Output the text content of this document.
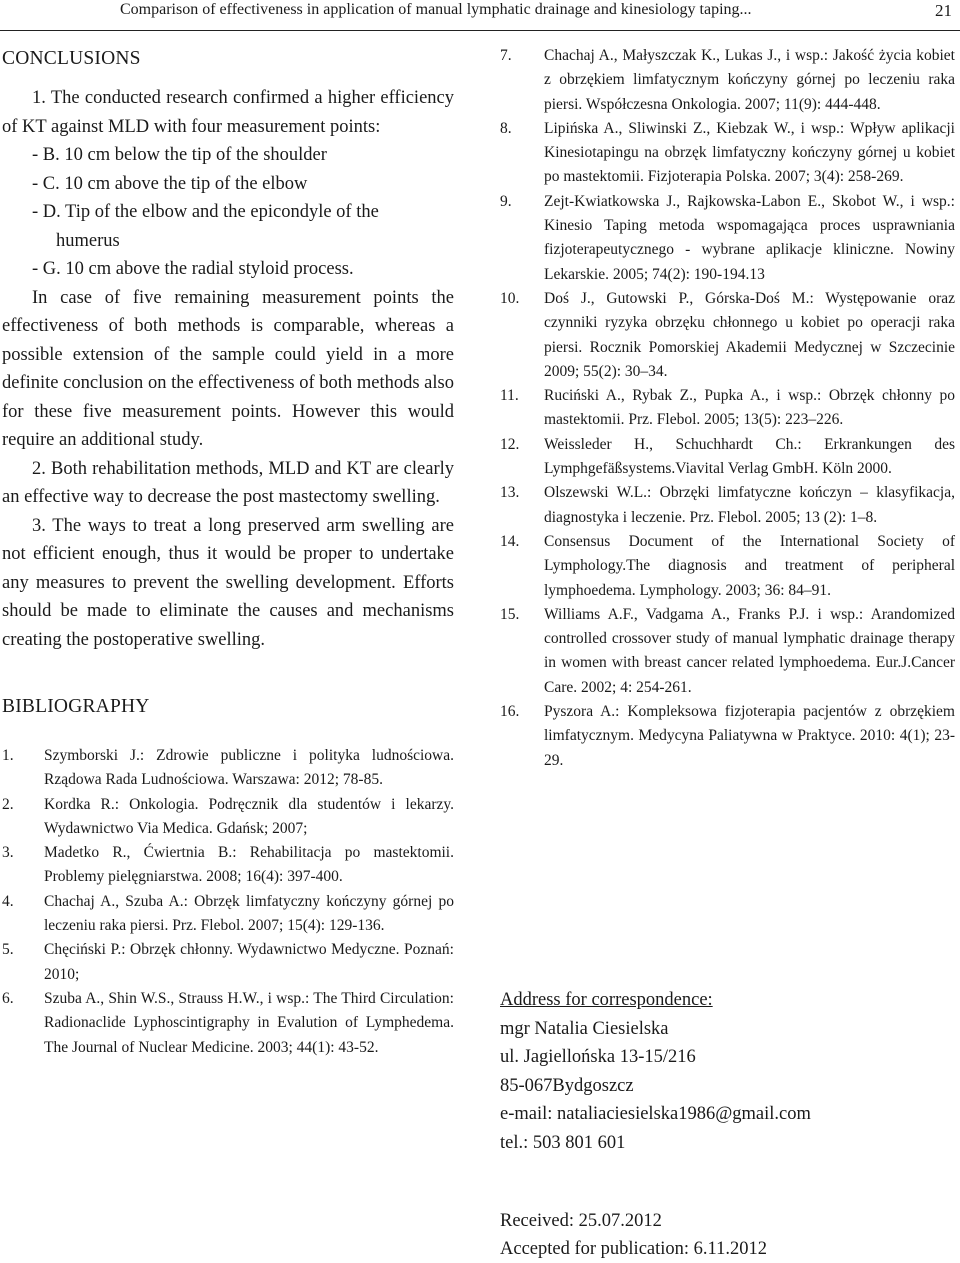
Comparison of effectiveness in application of manual lymphatic drainage and kinesiology taping...	21
CONCLUSIONS

1. The conducted research confirmed a higher efficiency of KT against MLD with four measurement points:

- B. 10 cm below the tip of the shoulder
- C. 10 cm above the tip of the elbow
- D. Tip of the elbow and the epicondyle of the
humerus
- G. 10 cm above the radial styloid process.

In case of five remaining measurement points the effectiveness of both methods is comparable, whereas a possible extension of the sample could yield in a more definite conclusion on the effectiveness of both methods also for these five measurement points. However this would require an additional study.

2. Both rehabilitation methods, MLD and KT are clearly an effective way to decrease the post mastectomy swelling.

3. The ways to treat a long preserved arm swelling are not efficient enough, thus it would be proper to undertake any measures to prevent the swelling development. Efforts should be made to eliminate the causes and mechanisms creating the postoperative swelling.

BIBLIOGRAPHY
1.	Szymborski J.: Zdrowie publiczne i polityka ludnościowa. Rządowa Rada Ludnościowa. Warszawa: 2012; 78-85.
2.	Kordka R.: Onkologia. Podręcznik dla studentów i lekarzy. Wydawnictwo Via Medica. Gdańsk; 2007;
3.	Madetko R., Ćwiertnia B.: Rehabilitacja po mastektomii. Problemy pielęgniarstwa. 2008; 16(4): 397-400.
4.	Chachaj A., Szuba A.: Obrzęk limfatyczny kończyny górnej po leczeniu raka piersi. Prz. Flebol. 2007; 15(4): 129-136.
5.	Chęciński P.: Obrzęk chłonny. Wydawnictwo Medyczne. Poznań: 2010;
6.	Szuba A., Shin W.S., Strauss H.W., i wsp.: The Third Circulation: Radionaclide Lyphoscintigraphy in Evalution of Lymphedema. The Journal of Nuclear Medicine. 2003; 44(1): 43-52.
7.	Chachaj A., Małyszczak K., Lukas J., i wsp.: Jakość życia kobiet z obrzękiem limfatycznym kończyny górnej po leczeniu raka piersi. Współczesna Onkologia. 2007; 11(9): 444-448.
8.	Lipińska A., Sliwinski Z., Kiebzak W., i wsp.: Wpływ aplikacji Kinesiotapingu na obrzęk limfatyczny kończyny górnej u kobiet po mastektomii. Fizjoterapia Polska. 2007; 3(4): 258-269.
9.	Zejt-Kwiatkowska J., Rajkowska-Labon E., Skobot W., i wsp.: Kinesio Taping metoda wspomagająca proces usprawniania fizjoterapeutycznego - wybrane aplikacje kliniczne. Nowiny Lekarskie. 2005; 74(2): 190-194.13
10.	Doś J., Gutowski P., Górska-Doś M.: Występowanie oraz czynniki ryzyka obrzęku chłonnego u kobiet po operacji raka piersi. Rocznik Pomorskiej Akademii Medycznej w Szczecinie 2009; 55(2): 30–34.
11.	Ruciński A., Rybak Z., Pupka A., i wsp.: Obrzęk chłonny po mastektomii. Prz. Flebol. 2005; 13(5): 223–226.
12.	Weissleder H., Schuchhardt Ch.: Erkrankungen des Lymphgefäßsystems.Viavital Verlag GmbH. Köln 2000.
13.	Olszewski W.L.: Obrzęki limfatyczne kończyn – klasyfikacja, diagnostyka i leczenie. Prz. Flebol. 2005; 13 (2): 1–8.
14.	Consensus Document of the International Society of Lymphology.The diagnosis and treatment of peripheral lymphoedema. Lymphology. 2003; 36: 84–91.
15.	Williams A.F., Vadgama A., Franks P.J. i wsp.: Arandomized controlled crossover study of manual lymphatic drainage therapy in women with breast cancer related lymphoedema. Eur.J.Cancer Care. 2002; 4: 254-261.
16.	Pyszora A.: Kompleksowa fizjoterapia pacjentów z obrzękiem limfatycznym. Medycyna Paliatywna w Praktyce. 2010: 4(1); 23-29.
Address for correspondence:
mgr Natalia Ciesielska
ul. Jagiellońska 13-15/216
85-067Bydgoszcz
e-mail: nataliaciesielska1986@gmail.com
tel.: 503 801 601
Received: 25.07.2012
Accepted for publication: 6.11.2012
